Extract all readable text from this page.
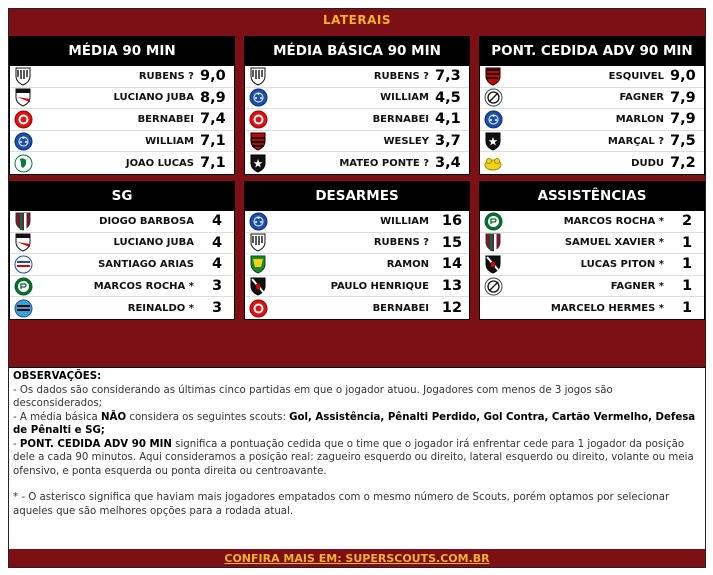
LATERAIS
MÉDIA 90 MIN
RUBENS ? 9,0
LUCIANO JUBA 8,9
BERNABÉI 7,4
WILLIAM 7,1
JOÃO LUCAS 7,1
MÉDIA BÁSICA 90 MIN
RUBENS ? 7,3
WILLIAM 4,5
BERNABÉI 4,1
WESLEY 3,7
MATEO PONTE ? 3,4
PONT. CEDIDA ADV 90 MIN
ESQUIVEL 9,0
FAGNER 7,9
MARLON 7,9
MARÇAL ? 7,5
DUDU 7,2
SG
DIOGO BARBOSA	4
LUCIANO JUBA	4
SANTIAGO ARIAS	4
MARCOS ROCHA *	3
REINALDO *	3
DESARMES
WILLIAM 16
RUBENS ? 15
RAMON 14
PAULO HENRIQUE 13
BERNABÉI 12
ASSISTÊNCIAS
MARCOS ROCHA *	2
SAMUEL XAVIER *	1
LUCAS PITON *	1
FAGNER *	1
MARCELO HERMES *	1
OBSERVAÇÕES:
- Os dados são considerando as últimas cinco partidas em que o jogador atuou. Jogadores com menos de 3 jogos são desconsiderados;
- A média básica NÃO considera os seguintes scouts: Gol, Assistência, Pênalti Perdido, Gol Contra, Cartão Vermelho, Defesa de Pênalti e SG;
- PONT. CEDIDA ADV 90 MIN significa a pontuação cedida que o time que o jogador irá enfrentar cede para 1 jogador da posição dele a cada 90 minutos. Aqui consideramos a posição real: zagueiro esquerdo ou direito, lateral esquerdo ou direito, volante ou meia ofensivo, e ponta esquerda ou ponta direita ou centroavante.
* - O asterisco significa que haviam mais jogadores empatados com o mesmo número de Scouts, porém optamos por selecionar aqueles que são melhores opções para a rodada atual.
CONFIRA MAIS EM: SUPERSCOUTS.COM.BR
